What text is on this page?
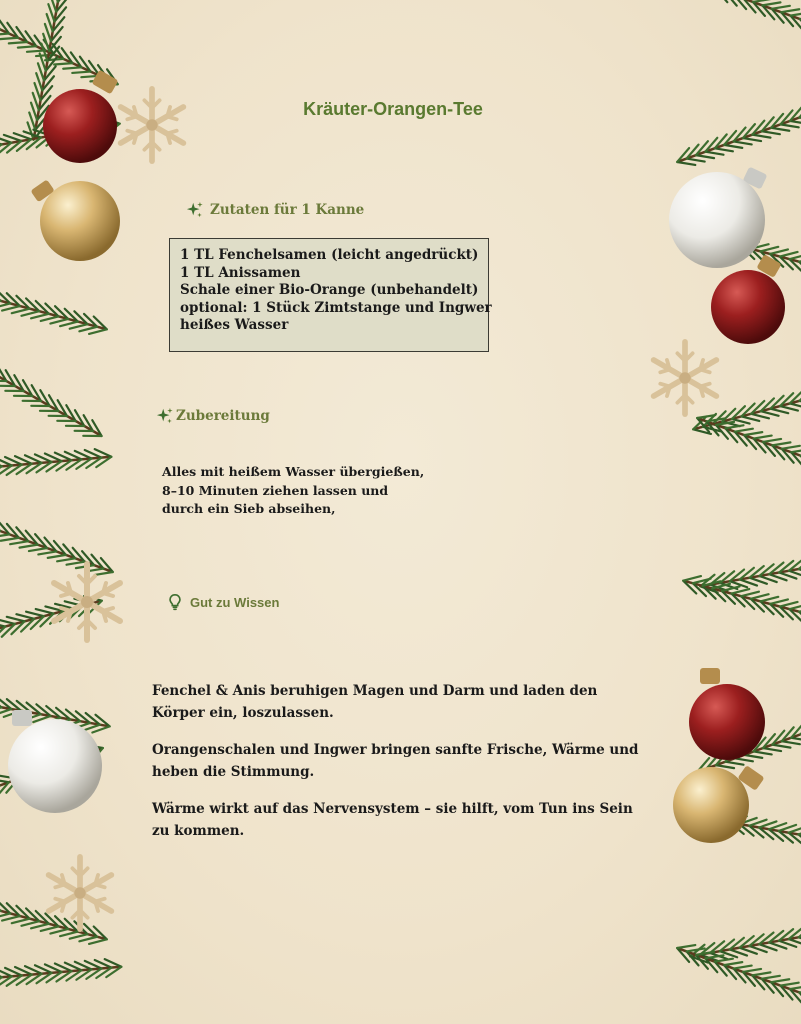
Kräuter-Orangen-Tee
Zutaten für 1 Kanne
1 TL Fenchelsamen (leicht angedrückt)
1 TL Anissamen
Schale einer Bio-Orange (unbehandelt)
optional: 1 Stück Zimtstange und Ingwer
heißes Wasser
Zubereitung
Alles mit heißem Wasser übergießen,
8–10 Minuten ziehen lassen und
durch ein Sieb abseihen,
Gut zu Wissen

Fenchel & Anis beruhigen Magen und Darm und laden den
Körper ein, loszulassen.

Orangenschalen und Ingwer bringen sanfte Frische, Wärme und
heben die Stimmung.

Wärme wirkt auf das Nervensystem – sie hilft, vom Tun ins Sein
zu kommen.
